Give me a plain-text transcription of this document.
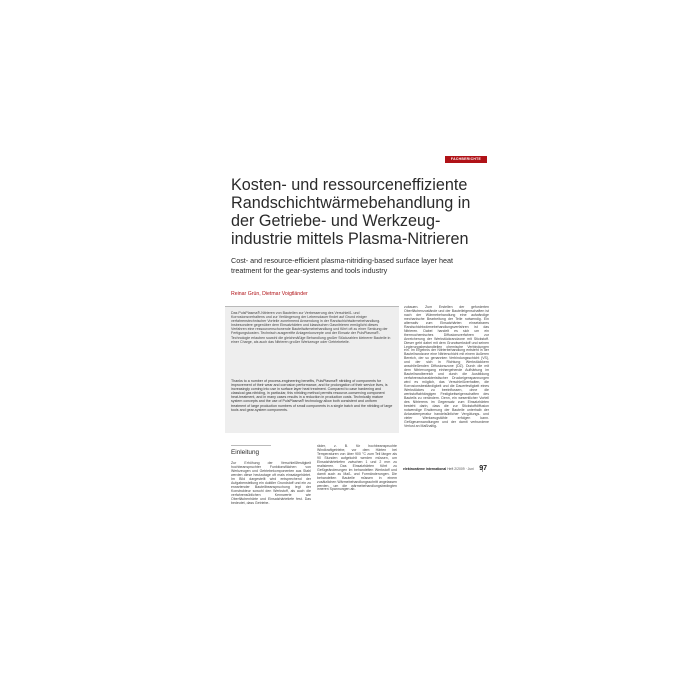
FACHBERICHTE
Kosten- und ressourceneffiziente Randschichtwärmebehandlung in der Getriebe- und Werkzeug-industrie mittels Plasma-Nitrieren

Cost- and resource-efficient plasma-nitriding-based surface layer heat treatment for the gear-systems and tools industry

Reinar Grün, Dietmar Voigtländer

Das PulsPlasma®-Nitrieren von Bauteilen zur Verbesserung des Verschleiß- und Korrosionsverhaltens und zur Verlängerung der Lebensdauer findet auf Grund einiger verfahrenstechnischer Vorteile zunehmend Anwendung in der Randschichtwärmebehandlung. Insbesondere gegenüber dem Einsatzhärten und klassischen Gasnitrieren ermöglicht dieses Verfahren eine ressourcenschonende Bauteilwärmebehandlung und führt oft zu einer Senkung der Fertigungskosten. Technisch ausgereifte Anlagenkonzepte und der Einsatz der PulsPlasma®-Technologie erlauben sowohl die gleichmäßige Behandlung großer Stückzahlen kleinerer Bauteile in einer Charge, als auch das Nitrieren großer Werkzeuge oder Getriebeteile.

Thanks to a number of process-engineering benefits, PulsPlasma® nitriding of components for improvement of their wear and corrosion performance, and for prolongation of their service lives, is increasingly coming into use in surface layer heat treatment. Compared to case hardening and classical gas nitriding, in particular, this nitriding method permits resource-conserving component heat-treatment, and in many cases results in a reduction in production costs. Technically mature system concepts and the use of PulsPlasma® technology allow both consistent and uniform treatment of large production numbers of small components in a single batch and the nitriding of large tools and gear-system components.

zubauen. Zum Erstellen der geforderten Oberflächenzustände und der Bauteileigenschaften ist nach der Wärmebehandlung eine aufwändige mechanische Bearbeitung der Teile notwendig. Ein alternativ zum Einsatzhärten einsetzbares Randschichtwärmebehandlungsverfahren ist das Nitrieren. Dabei handelt es sich um ein thermochemisches Diffusionsverfahren zur Anreicherung der Werkstückrandzone mit Stickstoff. Dieser geht dabei mit dem Grundwerkstoff und seinen Legierungsbestandteilen chemische Verbindungen ein. Im Ergebnis der Nitrierbehandlung entsteht in der Bauteilrandzone eine Nitrierschicht mit einem äußeren Bereich, der so genannten Verbindungsschicht (VS), und der sich in Richtung Werkstückkern anschließenden Diffusionszone (DZ). Durch die mit dem Nitriervorgang einhergehende Aufhärtung im Bauteilrandbereich und durch die Ausbildung verfahrenscharakteristischer Druckeigenspannungen wird es möglich, das Verschleißverhalten, die Korrosionsbeständigkeit und die Dauerfestigkeit eines Werkstückes zu beeinflussen, ohne die werkstoffabhängigen Festigkeitseigenschaften des Bauteils zu verändern. Denn, ein wesentlicher Vorteil des Nitrierens im Gegensatz zum Einsatzhärten besteht darin, dass die zur Stickstoffdiffusion notwendige Erwärmung der Bauteile unterhalb der Anlasstemperatur handelsüblicher Vergütungs- und vieler Werkzeugstähle erfolgen kann. Gefügeumwandlungen und der damit verbundene Verlust an Maßhaltig-

Einleitung

Zur Erhöhung der Verschleißfestigkeit hochbeanspruchter Funktionsflächen von Werkzeugen und Getriebekomponenten aus Stahl werden diese heutzutage oft mals einsatzgehärtet. Im Bild dargestellt wird entsprechend der Aufgabenstellung ein duktiler Grundstoff und ein zu erwartender Bauteilbeanspruchung legt der Konstrukteur sowohl den Werkstoff, als auch die verfahrensüblichen Kennwerte wie Oberflächenhärte und Einsatzhärtetiefe fest. Das bedeutet, dass Getriebe-

räder, z. B. für hochbeanspruchte Windkraftgetriebe, vor dem Härten bei Temperaturen von über 900 °C zum Teil länger als 90 Stunden aufgekohlt werden müssen, um Einsatzhärtetiefen zwischen 1 und 2 mm zu realisieren. Das Einsatzhärten führt zu Gefügeänderungen im behandelten Werkstoff und damit auch zu Maß- und Formänderungen. Die behandelten Bauteile müssen in einem zusätzlichen Wärmebehandlungsschritt angelassen werden, um die wärmebehandlungsbedingten inneren Spannungen ab-

elektrowärme international Heft 2/2009 · Juni 97
